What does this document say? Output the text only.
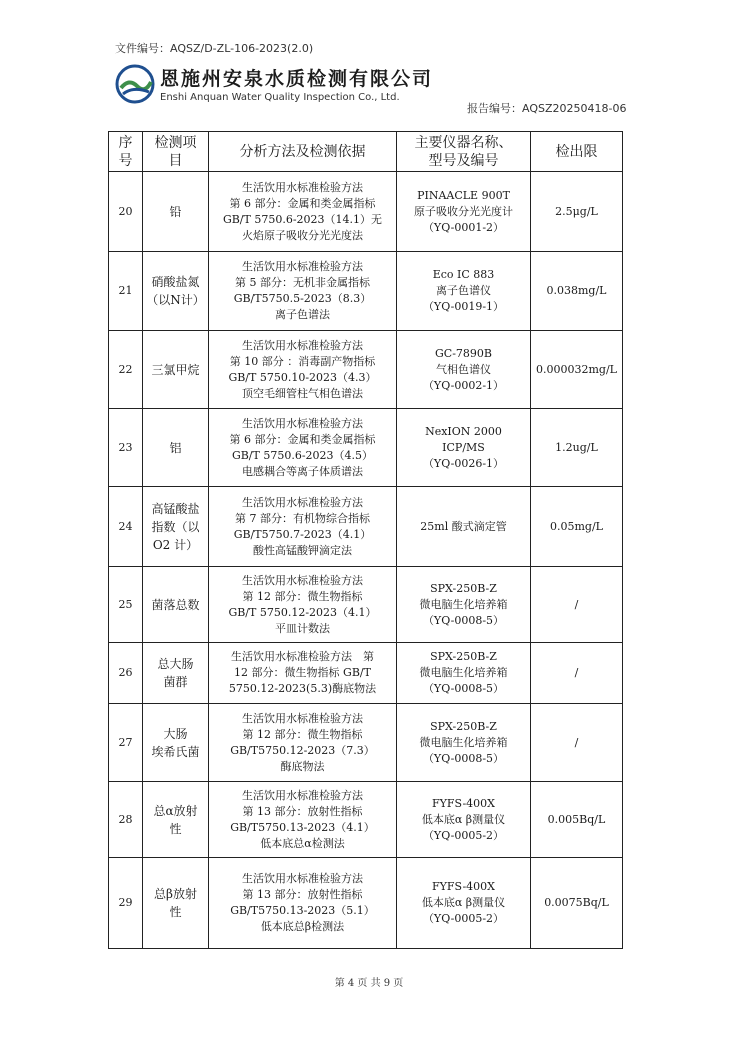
文件编号：AQSZ/D-ZL-106-2023(2.0)
恩施州安泉水质检测有限公司
Enshi Anquan Water Quality Inspection Co., Ltd.
报告编号：AQSZ20250418-06
序
号	检测项
目	分析方法及检测依据	主要仪器名称、
型号及编号	检出限

20	铅	生活饮用水标准检验方法
第 6 部分：金属和类金属指标
GB/T 5750.6-2023（14.1）无
火焰原子吸收分光光度法	PINAACLE 900T
原子吸收分光光度计
（YQ-0001-2）	2.5μg/L
21	硝酸盐氮
（以N计）	生活饮用水标准检验方法
第 5 部分：无机非金属指标
GB/T5750.5-2023（8.3）
离子色谱法	Eco IC 883
离子色谱仪
（YQ-0019-1）	0.038mg/L
22	三氯甲烷	生活饮用水标准检验方法
第 10 部分 ：消毒副产物指标
GB/T 5750.10-2023（4.3）
顶空毛细管柱气相色谱法	GC-7890B
气相色谱仪
（YQ-0002-1）	0.000032mg/L
23	铝	生活饮用水标准检验方法
第 6 部分：金属和类金属指标
GB/T 5750.6-2023（4.5）
电感耦合等离子体质谱法	NexION 2000
ICP/MS
（YQ-0026-1）	1.2ug/L
24	高锰酸盐
指数（以
O2 计）	生活饮用水标准检验方法
第 7 部分：有机物综合指标
GB/T5750.7-2023（4.1）
酸性高锰酸钾滴定法	25ml 酸式滴定管	0.05mg/L
25	菌落总数	生活饮用水标准检验方法
第 12 部分：微生物指标
GB/T 5750.12-2023（4.1）
平皿计数法	SPX-250B-Z
微电脑生化培养箱
（YQ-0008-5）	/
26	总大肠
菌群	生活饮用水标准检验方法　第
12 部分：微生物指标 GB/T
5750.12-2023(5.3)酶底物法	SPX-250B-Z
微电脑生化培养箱
（YQ-0008-5）	/
27	大肠
埃希氏菌	生活饮用水标准检验方法
第 12 部分：微生物指标
GB/T5750.12-2023（7.3）
酶底物法	SPX-250B-Z
微电脑生化培养箱
（YQ-0008-5）	/
28	总α放射
性	生活饮用水标准检验方法
第 13 部分：放射性指标
GB/T5750.13-2023（4.1）
低本底总α检测法	FYFS-400X
低本底α β测量仪
（YQ-0005-2）	0.005Bq/L
29	总β放射
性	生活饮用水标准检验方法
第 13 部分：放射性指标
GB/T5750.13-2023（5.1）
低本底总β检测法	FYFS-400X
低本底α β测量仪
（YQ-0005-2）	0.0075Bq/L
第 4 页 共 9 页
